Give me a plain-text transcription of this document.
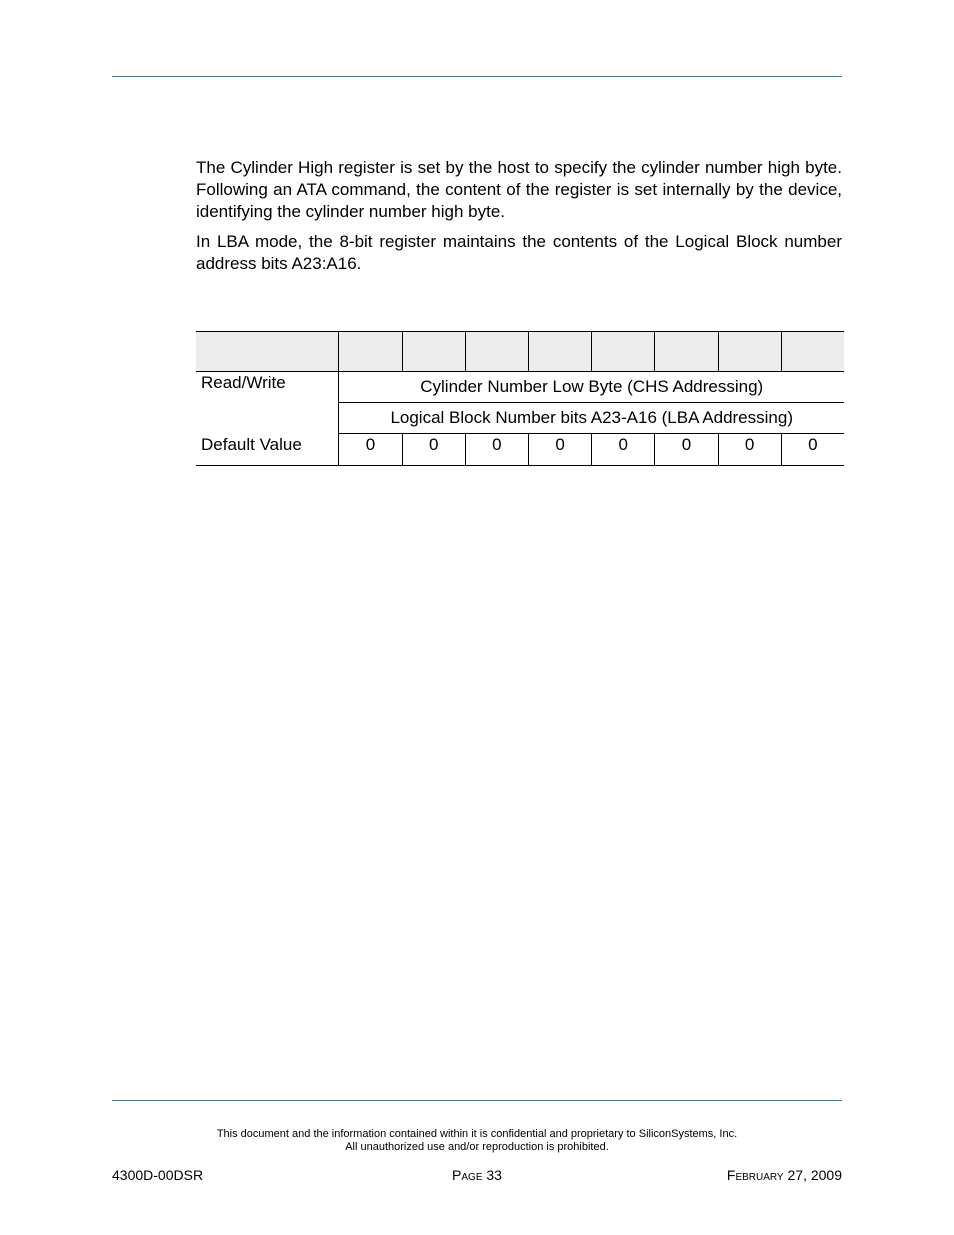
The Cylinder High register is set by the host to specify the cylinder number high byte. Following an ATA command, the content of the register is set internally by the device, identifying the cylinder number high byte.

In LBA mode, the 8-bit register maintains the contents of the Logical Block number address bits A23:A16.

Read/Write	Cylinder Number Low Byte (CHS Addressing)							
	Logical Block Number bits A23-A16 (LBA Addressing)							
Default Value	0	0	0	0	0	0	0	0
This document and the information contained within it is confidential and proprietary to SiliconSystems, Inc.
All unauthorized use and/or reproduction is prohibited.
4300D-00DSR	Page 33	February 27, 2009
